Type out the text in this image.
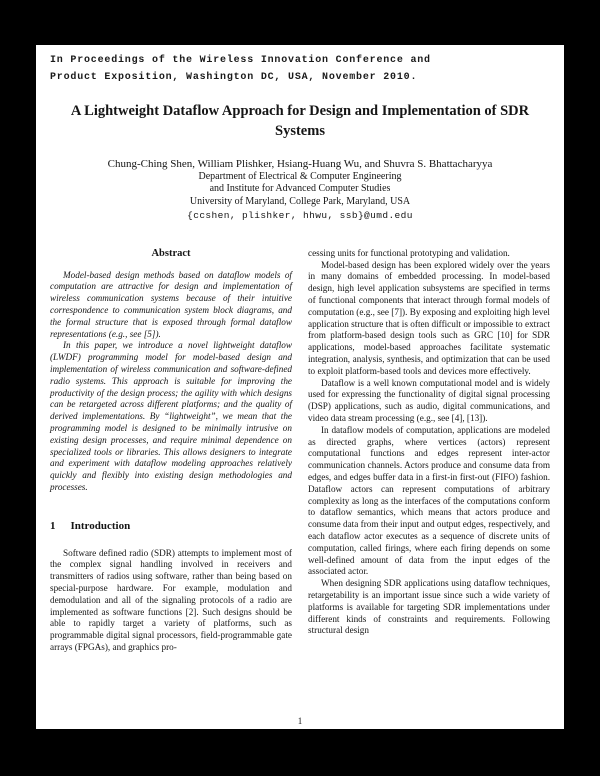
In Proceedings of the Wireless Innovation Conference and
Product Exposition, Washington DC, USA, November 2010.
A Lightweight Dataflow Approach for Design and Implementation of SDR Systems
Chung-Ching Shen, William Plishker, Hsiang-Huang Wu, and Shuvra S. Bhattacharyya
Department of Electrical & Computer Engineering
and Institute for Advanced Computer Studies
University of Maryland, College Park, Maryland, USA
{ccshen, plishker, hhwu, ssb}@umd.edu
Abstract

Model-based design methods based on dataflow models of computation are attractive for design and implementation of wireless communication systems because of their intuitive correspondence to communication system block diagrams, and the formal structure that is exposed through formal dataflow representations (e.g., see [5]).

In this paper, we introduce a novel lightweight dataflow (LWDF) programming model for model-based design and implementation of wireless communication and software-defined radio systems. This approach is suitable for improving the productivity of the design process; the agility with which designs can be retargeted across different platforms; and the quality of derived implementations. By “lightweight”, we mean that the programming model is designed to be minimally intrusive on existing design processes, and require minimal dependence on specialized tools or libraries. This allows designers to integrate and experiment with dataflow modeling approaches relatively quickly and flexibly into existing design methodologies and processes.

1 Introduction

Software defined radio (SDR) attempts to implement most of the complex signal handling involved in receivers and transmitters of radios using software, rather than being based on special-purpose hardware. For example, modulation and demodulation and all of the signaling protocols of a radio are implemented as software functions [2]. Such designs should be able to rapidly target a variety of platforms, such as programmable digital signal processors, field-programmable gate arrays (FPGAs), and graphics pro-

cessing units for functional prototyping and validation.

Model-based design has been explored widely over the years in many domains of embedded processing. In model-based design, high level application subsystems are specified in terms of functional components that interact through formal models of computation (e.g., see [7]). By exposing and exploiting high level application structure that is often difficult or impossible to extract from platform-based design tools such as GRC [10] for SDR applications, model-based approaches facilitate systematic integration, analysis, synthesis, and optimization that can be used to exploit platform-based tools and devices more effectively.

Dataflow is a well known computational model and is widely used for expressing the functionality of digital signal processing (DSP) applications, such as audio, digital communications, and video data stream processing (e.g., see [4], [13]).

In dataflow models of computation, applications are modeled as directed graphs, where vertices (actors) represent computational functions and edges represent inter-actor communication channels. Actors produce and consume data from edges, and edges buffer data in a first-in first-out (FIFO) fashion. Dataflow actors can represent computations of arbitrary complexity as long as the interfaces of the computations conform to dataflow semantics, which means that actors produce and consume data from their input and output edges, respectively, and each dataflow actor executes as a sequence of discrete units of computation, called firings, where each firing depends on some well-defined amount of data from the input edges of the associated actor.

When designing SDR applications using dataflow techniques, retargetability is an important issue since such a wide variety of platforms is available for targeting SDR implementations under different kinds of constraints and requirements. Following structural design

1
